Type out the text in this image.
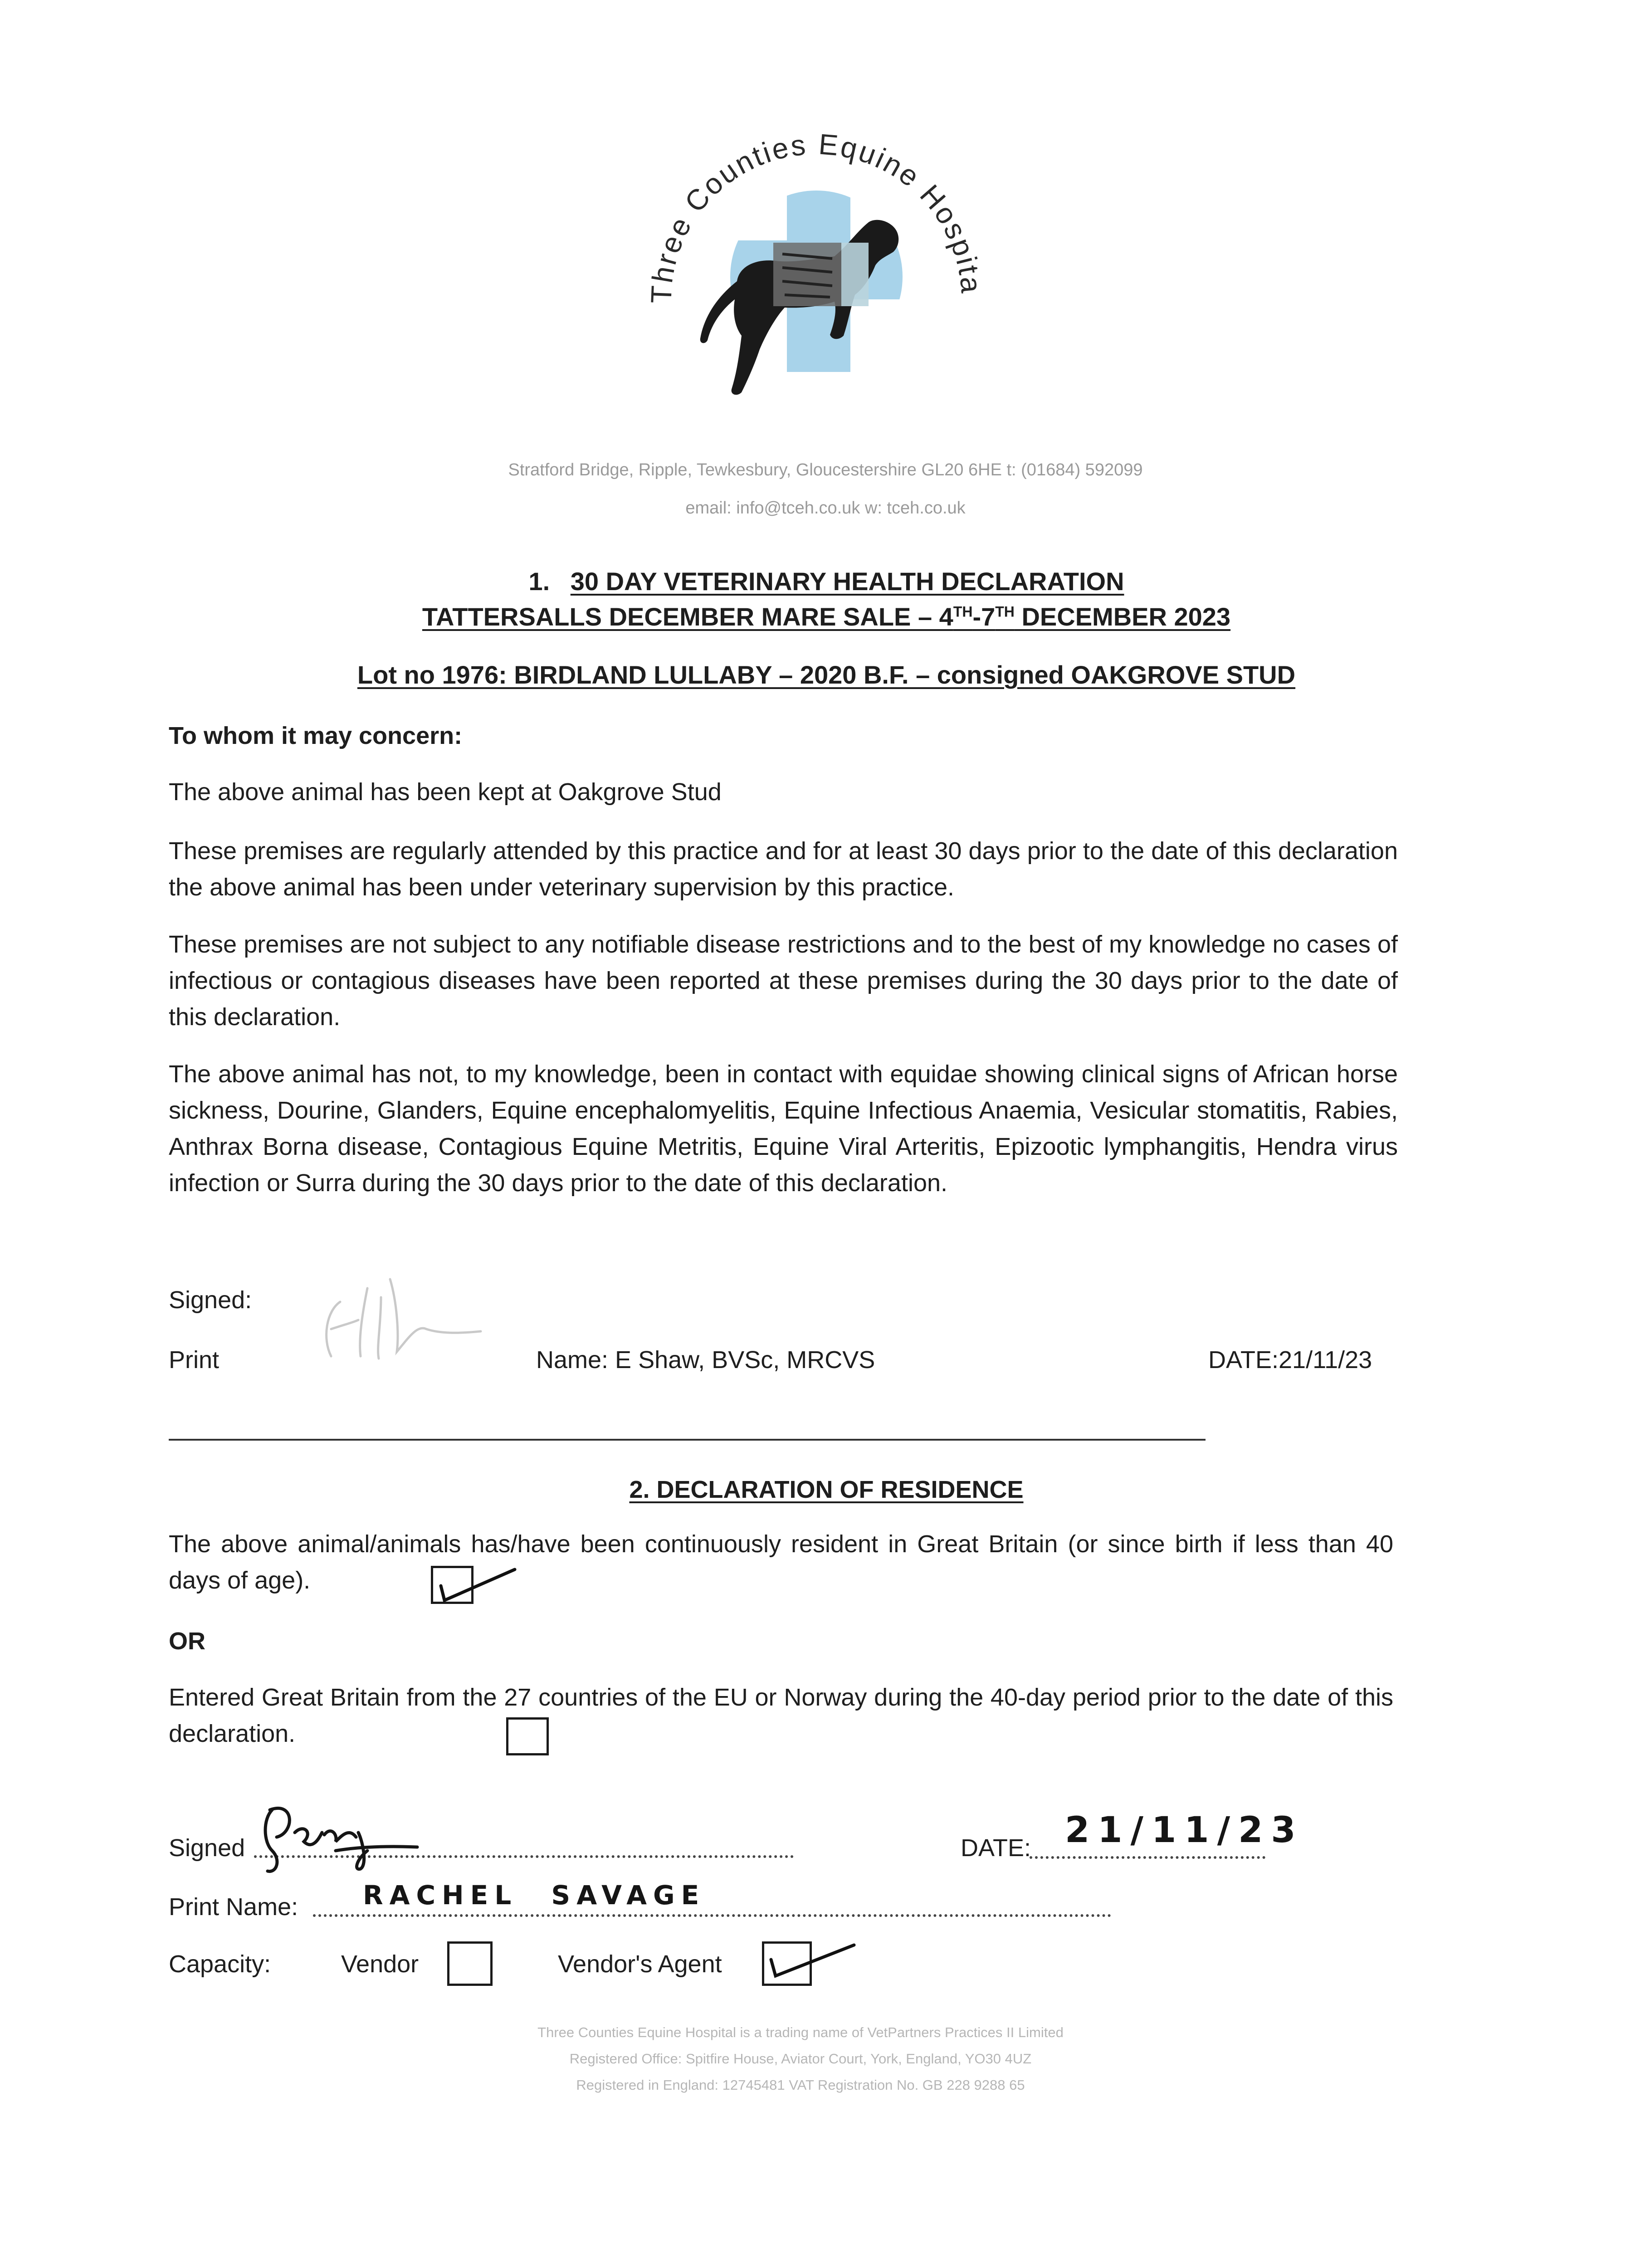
Three Counties Equine Hospita
Stratford Bridge, Ripple, Tewkesbury, Gloucestershire GL20 6HE t: (01684) 592099
email: info@tceh.co.uk w: tceh.co.uk
1. 30 DAY VETERINARY HEALTH DECLARATION
TATTERSALLS DECEMBER MARE SALE – 4TH-7TH DECEMBER 2023
Lot no 1976: BIRDLAND LULLABY – 2020 B.F. – consigned OAKGROVE STUD
To whom it may concern:
The above animal has been kept at Oakgrove Stud
These premises are regularly attended by this practice and for at least 30 days prior to the date of this declaration the above animal has been under veterinary supervision by this practice.
These premises are not subject to any notifiable disease restrictions and to the best of my knowledge no cases of infectious or contagious diseases have been reported at these premises during the 30 days prior to the date of this declaration.
The above animal has not, to my knowledge, been in contact with equidae showing clinical signs of African horse sickness, Dourine, Glanders, Equine encephalomyelitis, Equine Infectious Anaemia, Vesicular stomatitis, Rabies, Anthrax Borna disease, Contagious Equine Metritis, Equine Viral Arteritis, Epizootic lymphangitis, Hendra virus infection or Surra during the 30 days prior to the date of this declaration.
Signed:
Print	Name: E Shaw, BVSc, MRCVS	DATE:21/11/23
2. DECLARATION OF RESIDENCE
The above animal/animals has/have been continuously resident in Great Britain (or since birth if less than 40 days of age).
OR
Entered Great Britain from the 27 countries of the EU or Norway during the 40-day period prior to the date of this declaration.
Signed	DATE: 21/11/23
Print Name: RACHEL SAVAGE
Capacity:	Vendor	Vendor's Agent
Three Counties Equine Hospital is a trading name of VetPartners Practices II Limited
Registered Office: Spitfire House, Aviator Court, York, England, YO30 4UZ
Registered in England: 12745481 VAT Registration No. GB 228 9288 65
